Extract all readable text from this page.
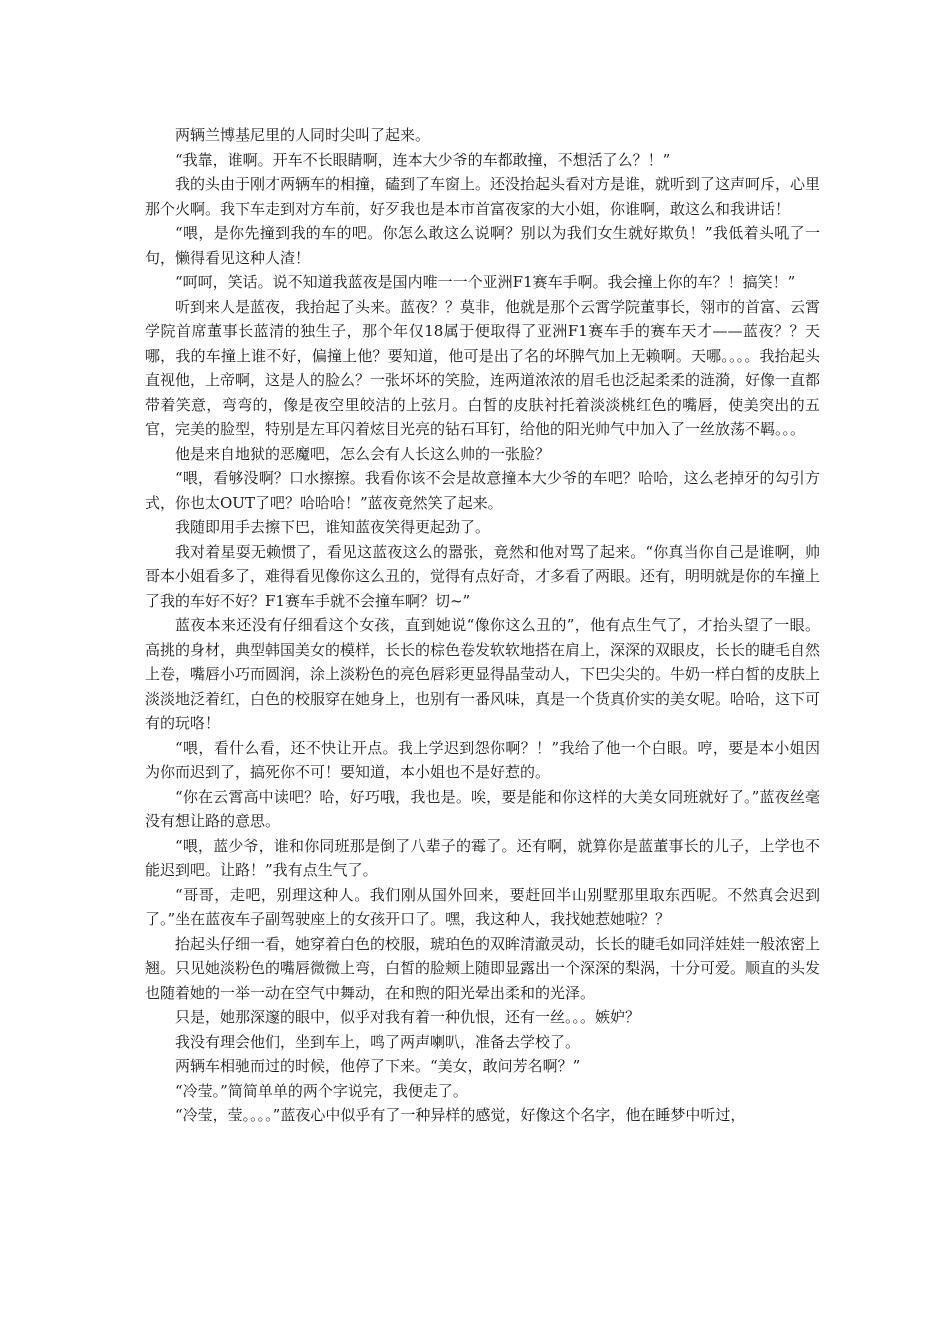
两辆兰博基尼里的人同时尖叫了起来。

“我靠，谁啊。开车不长眼睛啊，连本大少爷的车都敢撞，不想活了么？！”

我的头由于刚才两辆车的相撞，磕到了车窗上。还没抬起头看对方是谁，就听到了这声呵斥，心里那个火啊。我下车走到对方车前，好歹我也是本市首富夜家的大小姐，你谁啊，敢这么和我讲话！

“喂，是你先撞到我的车的吧。你怎么敢这么说啊？别以为我们女生就好欺负！”我低着头吼了一句，懒得看见这种人渣！

“呵呵，笑话。说不知道我蓝夜是国内唯一一个亚洲F1赛车手啊。我会撞上你的车？！搞笑！”

听到来人是蓝夜，我抬起了头来。蓝夜？？莫非，他就是那个云霄学院董事长，翎市的首富、云霄学院首席董事长蓝清的独生子，那个年仅18属于便取得了亚洲F1赛车手的赛车天才——蓝夜？？天哪，我的车撞上谁不好，偏撞上他？要知道，他可是出了名的坏脾气加上无赖啊。天哪。。。。我抬起头直视他，上帝啊，这是人的脸么？一张坏坏的笑脸，连两道浓浓的眉毛也泛起柔柔的涟漪，好像一直都带着笑意，弯弯的，像是夜空里皎洁的上弦月。白皙的皮肤衬托着淡淡桃红色的嘴唇，使美突出的五官，完美的脸型，特别是左耳闪着炫目光亮的钻石耳钉，给他的阳光帅气中加入了一丝放荡不羁。。。

他是来自地狱的恶魔吧，怎么会有人长这么帅的一张脸？

“喂，看够没啊？口水擦擦。我看你该不会是故意撞本大少爷的车吧？哈哈，这么老掉牙的勾引方式，你也太OUT了吧？哈哈哈！”蓝夜竟然笑了起来。

我随即用手去擦下巴，谁知蓝夜笑得更起劲了。

我对着星耍无赖惯了，看见这蓝夜这么的嚣张，竟然和他对骂了起来。“你真当你自己是谁啊，帅哥本小姐看多了，难得看见像你这么丑的，觉得有点好奇，才多看了两眼。还有，明明就是你的车撞上了我的车好不好？F1赛车手就不会撞车啊？切~”

蓝夜本来还没有仔细看这个女孩，直到她说“像你这么丑的”，他有点生气了，才抬头望了一眼。高挑的身材，典型韩国美女的模样，长长的棕色卷发软软地搭在肩上，深深的双眼皮，长长的睫毛自然上卷，嘴唇小巧而圆润，涂上淡粉色的亮色唇彩更显得晶莹动人，下巴尖尖的。牛奶一样白皙的皮肤上淡淡地泛着红，白色的校服穿在她身上，也别有一番风味，真是一个货真价实的美女呢。哈哈，这下可有的玩咯！

“喂，看什么看，还不快让开点。我上学迟到怨你啊？！”我给了他一个白眼。哼，要是本小姐因为你而迟到了，搞死你不可！要知道，本小姐也不是好惹的。

“你在云霄高中读吧？哈，好巧哦，我也是。唉，要是能和你这样的大美女同班就好了。”蓝夜丝毫没有想让路的意思。

“喂，蓝少爷，谁和你同班那是倒了八辈子的霉了。还有啊，就算你是蓝董事长的儿子，上学也不能迟到吧。让路！”我有点生气了。

“哥哥，走吧，别理这种人。我们刚从国外回来，要赶回半山别墅那里取东西呢。不然真会迟到了。”坐在蓝夜车子副驾驶座上的女孩开口了。嘿，我这种人，我找她惹她啦？？

抬起头仔细一看，她穿着白色的校服，琥珀色的双眸清澈灵动，长长的睫毛如同洋娃娃一般浓密上翘。只见她淡粉色的嘴唇微微上弯，白皙的脸颊上随即显露出一个深深的梨涡，十分可爱。顺直的头发也随着她的一举一动在空气中舞动，在和煦的阳光晕出柔和的光泽。

只是，她那深邃的眼中，似乎对我有着一种仇恨，还有一丝。。。嫉妒？

我没有理会他们，坐到车上，鸣了两声喇叭，准备去学校了。

两辆车相驰而过的时候，他停了下来。“美女，敢问芳名啊？”

“冷莹。”简简单单的两个字说完，我便走了。

“冷莹，莹。。。。”蓝夜心中似乎有了一种异样的感觉，好像这个名字，他在睡梦中听过，
